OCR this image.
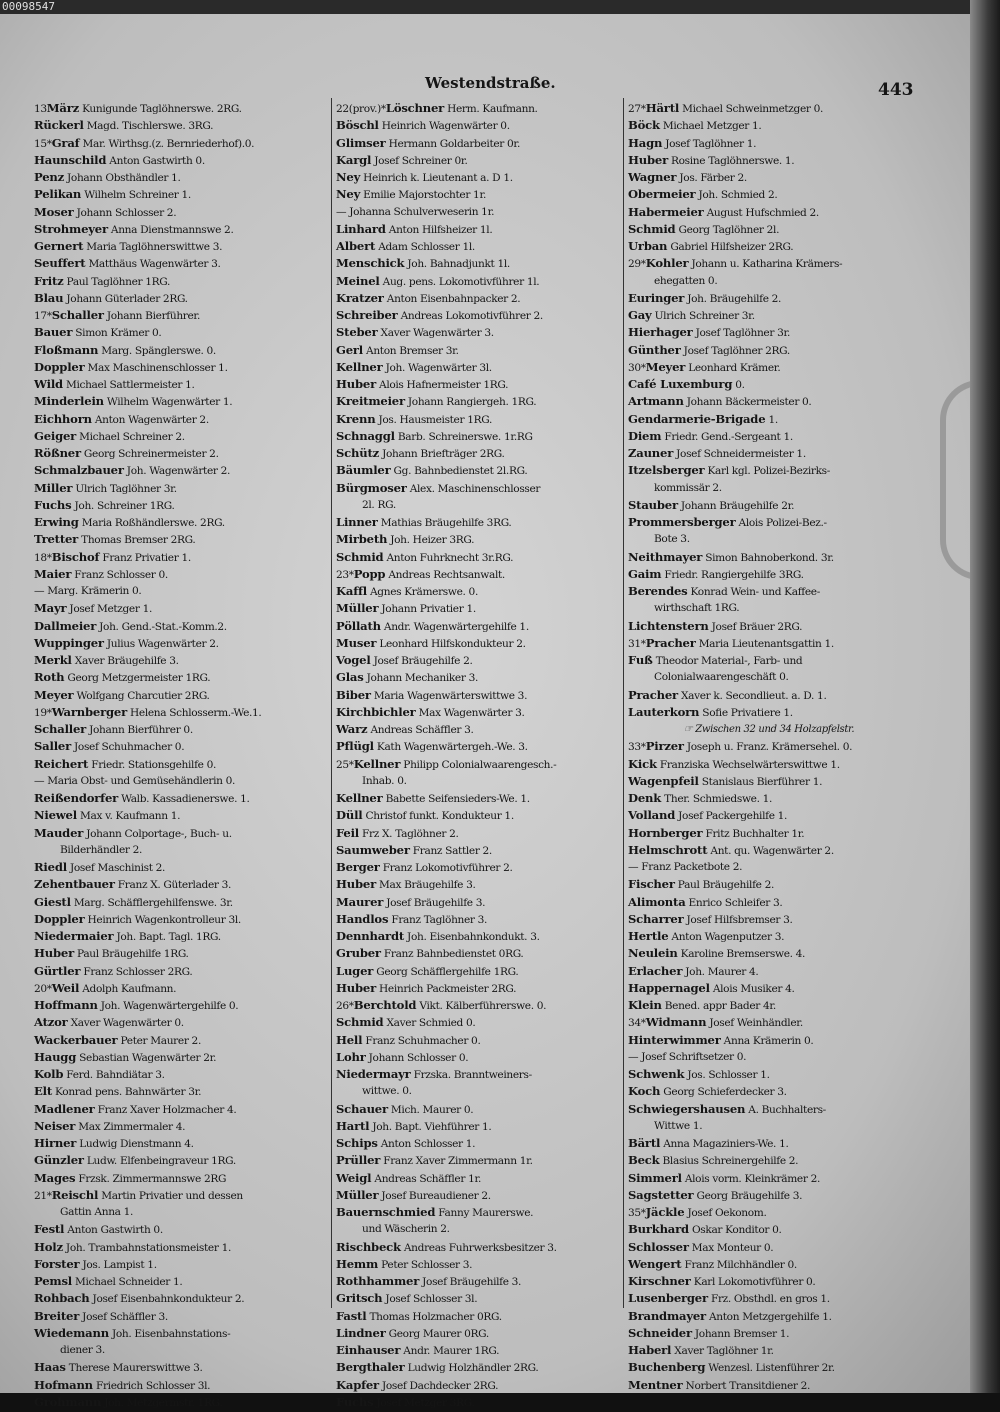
00098547
Westendstraße.	443
13März Kunigunde Taglöhnerswe. 2RG.
Rückerl Magd. Tischlerswe. 3RG.
15*Graf Mar. Wirthsg.(z. Bernriederhof).0.
Haunschild Anton Gastwirth 0.
Penz Johann Obsthändler 1.
Pelikan Wilhelm Schreiner 1.
Moser Johann Schlosser 2.
Strohmeyer Anna Dienstmannswe 2.
Gernert Maria Taglöhnerswittwe 3.
Seuffert Matthäus Wagenwärter 3.
Fritz Paul Taglöhner 1RG.
Blau Johann Güterlader 2RG.
17*Schaller Johann Bierführer.
Bauer Simon Krämer 0.
Floßmann Marg. Spänglerswe. 0.
Doppler Max Maschinenschlosser 1.
Wild Michael Sattlermeister 1.
Minderlein Wilhelm Wagenwärter 1.
Eichhorn Anton Wagenwärter 2.
Geiger Michael Schreiner 2.
Rößner Georg Schreinermeister 2.
Schmalzbauer Joh. Wagenwärter 2.
Miller Ulrich Taglöhner 3r.
Fuchs Joh. Schreiner 1RG.
Erwing Maria Roßhändlerswe. 2RG.
Tretter Thomas Bremser 2RG.
18*Bischof Franz Privatier 1.
Maier Franz Schlosser 0.
— Marg. Krämerin 0.
Mayr Josef Metzger 1.
Dallmeier Joh. Gend.-Stat.-Komm.2.
Wuppinger Julius Wagenwärter 2.
Merkl Xaver Bräugehilfe 3.
Roth Georg Metzgermeister 1RG.
Meyer Wolfgang Charcutier 2RG.
19*Warnberger Helena Schlosserm.-We.1.
Schaller Johann Bierführer 0.
Saller Josef Schuhmacher 0.
Reichert Friedr. Stationsgehilfe 0.
— Maria Obst- und Gemüsehändlerin 0.
Reißendorfer Walb. Kassadienerswe. 1.
Niewel Max v. Kaufmann 1.
Mauder Johann Colportage-, Buch- u.
Bilderhändler 2.
Riedl Josef Maschinist 2.
Zehentbauer Franz X. Güterlader 3.
Giestl Marg. Schäfflergehilfenswe. 3r.
Doppler Heinrich Wagenkontrolleur 3l.
Niedermaier Joh. Bapt. Tagl. 1RG.
Huber Paul Bräugehilfe 1RG.
Gürtler Franz Schlosser 2RG.
20*Weil Adolph Kaufmann.
Hoffmann Joh. Wagenwärtergehilfe 0.
Atzor Xaver Wagenwärter 0.
Wackerbauer Peter Maurer 2.
Haugg Sebastian Wagenwärter 2r.
Kolb Ferd. Bahndiätar 3.
Elt Konrad pens. Bahnwärter 3r.
Madlener Franz Xaver Holzmacher 4.
Neiser Max Zimmermaler 4.
Hirner Ludwig Dienstmann 4.
Günzler Ludw. Elfenbeingraveur 1RG.
Mages Frzsk. Zimmermannswe 2RG
21*Reischl Martin Privatier und dessen
Gattin Anna 1.
Festl Anton Gastwirth 0.
Holz Joh. Trambahnstationsmeister 1.
Forster Jos. Lampist 1.
Pemsl Michael Schneider 1.
Rohbach Josef Eisenbahnkondukteur 2.
Breiter Josef Schäffler 3.
Wiedemann Joh. Eisenbahnstations-
diener 3.
Haas Therese Maurerswittwe 3.
Hofmann Friedrich Schlosser 3l.
Grohmann Joh. Metzgermstr. 1RG.
22(prov.)*Löschner Herm. Kaufmann.
Böschl Heinrich Wagenwärter 0.
Glimser Hermann Goldarbeiter 0r.
Kargl Josef Schreiner 0r.
Ney Heinrich k. Lieutenant a. D 1.
Ney Emilie Majorstochter 1r.
— Johanna Schulverweserin 1r.
Linhard Anton Hilfsheizer 1l.
Albert Adam Schlosser 1l.
Menschick Joh. Bahnadjunkt 1l.
Meinel Aug. pens. Lokomotivführer 1l.
Kratzer Anton Eisenbahnpacker 2.
Schreiber Andreas Lokomotivführer 2.
Steber Xaver Wagenwärter 3.
Gerl Anton Bremser 3r.
Kellner Joh. Wagenwärter 3l.
Huber Alois Hafnermeister 1RG.
Kreitmeier Johann Rangiergeh. 1RG.
Krenn Jos. Hausmeister 1RG.
Schnaggl Barb. Schreinerswe. 1r.RG
Schütz Johann Briefträger 2RG.
Bäumler Gg. Bahnbedienstet 2l.RG.
Bürgmoser Alex. Maschinenschlosser
2l. RG.
Linner Mathias Bräugehilfe 3RG.
Mirbeth Joh. Heizer 3RG.
Schmid Anton Fuhrknecht 3r.RG.
23*Popp Andreas Rechtsanwalt.
Kaffl Agnes Krämerswe. 0.
Müller Johann Privatier 1.
Pöllath Andr. Wagenwärtergehilfe 1.
Muser Leonhard Hilfskondukteur 2.
Vogel Josef Bräugehilfe 2.
Glas Johann Mechaniker 3.
Biber Maria Wagenwärterswittwe 3.
Kirchbichler Max Wagenwärter 3.
Warz Andreas Schäffler 3.
Pflügl Kath Wagenwärtergeh.-We. 3.
25*Kellner Philipp Colonialwaarengesch.-
Inhab. 0.
Kellner Babette Seifensieders-We. 1.
Düll Christof funkt. Kondukteur 1.
Feil Frz X. Taglöhner 2.
Saumweber Franz Sattler 2.
Berger Franz Lokomotivführer 2.
Huber Max Bräugehilfe 3.
Maurer Josef Bräugehilfe 3.
Handlos Franz Taglöhner 3.
Dennhardt Joh. Eisenbahnkondukt. 3.
Gruber Franz Bahnbedienstet 0RG.
Luger Georg Schäfflergehilfe 1RG.
Huber Heinrich Packmeister 2RG.
26*Berchtold Vikt. Kälberführerswe. 0.
Schmid Xaver Schmied 0.
Hell Franz Schuhmacher 0.
Lohr Johann Schlosser 0.
Niedermayr Frzska. Branntweiners-
wittwe. 0.
Schauer Mich. Maurer 0.
Hartl Joh. Bapt. Viehführer 1.
Schips Anton Schlosser 1.
Prüller Franz Xaver Zimmermann 1r.
Weigl Andreas Schäffler 1r.
Müller Josef Bureaudiener 2.
Bauernschmied Fanny Maurerswe.
und Wäscherin 2.
Rischbeck Andreas Fuhrwerksbesitzer 3.
Hemm Peter Schlosser 3.
Rothhammer Josef Bräugehilfe 3.
Gritsch Josef Schlosser 3l.
Fastl Thomas Holzmacher 0RG.
Lindner Georg Maurer 0RG.
Einhauser Andr. Maurer 1RG.
Bergthaler Ludwig Holzhändler 2RG.
Kapfer Josef Dachdecker 2RG.
Fuchs Josef Metzger 3RG.
27*Härtl Michael Schweinmetzger 0.
Böck Michael Metzger 1.
Hagn Josef Taglöhner 1.
Huber Rosine Taglöhnerswe. 1.
Wagner Jos. Färber 2.
Obermeier Joh. Schmied 2.
Habermeier August Hufschmied 2.
Schmid Georg Taglöhner 2l.
Urban Gabriel Hilfsheizer 2RG.
29*Kohler Johann u. Katharina Krämers-
ehegatten 0.
Euringer Joh. Bräugehilfe 2.
Gay Ulrich Schreiner 3r.
Hierhager Josef Taglöhner 3r.
Günther Josef Taglöhner 2RG.
30*Meyer Leonhard Krämer.
Café Luxemburg 0.
Artmann Johann Bäckermeister 0.
Gendarmerie-Brigade 1.
Diem Friedr. Gend.-Sergeant 1.
Zauner Josef Schneidermeister 1.
Itzelsberger Karl kgl. Polizei-Bezirks-
kommissär 2.
Stauber Johann Bräugehilfe 2r.
Prommersberger Alois Polizei-Bez.-
Bote 3.
Neithmayer Simon Bahnoberkond. 3r.
Gaim Friedr. Rangiergehilfe 3RG.
Berendes Konrad Wein- und Kaffee-
wirthschaft 1RG.
Lichtenstern Josef Bräuer 2RG.
31*Pracher Maria Lieutenantsgattin 1.
Fuß Theodor Material-, Farb- und
Colonialwaarengeschäft 0.
Pracher Xaver k. Secondlieut. a. D. 1.
Lauterkorn Sofie Privatiere 1.
☞ Zwischen 32 und 34 Holzapfelstr.
33*Pirzer Joseph u. Franz. Krämersehel. 0.
Kick Franziska Wechselwärterswittwe 1.
Wagenpfeil Stanislaus Bierführer 1.
Denk Ther. Schmiedswe. 1.
Volland Josef Packergehilfe 1.
Hornberger Fritz Buchhalter 1r.
Helmschrott Ant. qu. Wagenwärter 2.
— Franz Packetbote 2.
Fischer Paul Bräugehilfe 2.
Alimonta Enrico Schleifer 3.
Scharrer Josef Hilfsbremser 3.
Hertle Anton Wagenputzer 3.
Neulein Karoline Bremserswe. 4.
Erlacher Joh. Maurer 4.
Happernagel Alois Musiker 4.
Klein Bened. appr Bader 4r.
34*Widmann Josef Weinhändler.
Hinterwimmer Anna Krämerin 0.
— Josef Schriftsetzer 0.
Schwenk Jos. Schlosser 1.
Koch Georg Schieferdecker 3.
Schwiegershausen A. Buchhalters-
Wittwe 1.
Bärtl Anna Magaziniers-We. 1.
Beck Blasius Schreinergehilfe 2.
Simmerl Alois vorm. Kleinkrämer 2.
Sagstetter Georg Bräugehilfe 3.
35*Jäckle Josef Oekonom.
Burkhard Oskar Konditor 0.
Schlosser Max Monteur 0.
Wengert Franz Milchhändler 0.
Kirschner Karl Lokomotivführer 0.
Lusenberger Frz. Obsthdl. en gros 1.
Brandmayer Anton Metzgergehilfe 1.
Schneider Johann Bremser 1.
Haberl Xaver Taglöhner 1r.
Buchenberg Wenzesl. Listenführer 2r.
Mentner Norbert Transitdiener 2.
